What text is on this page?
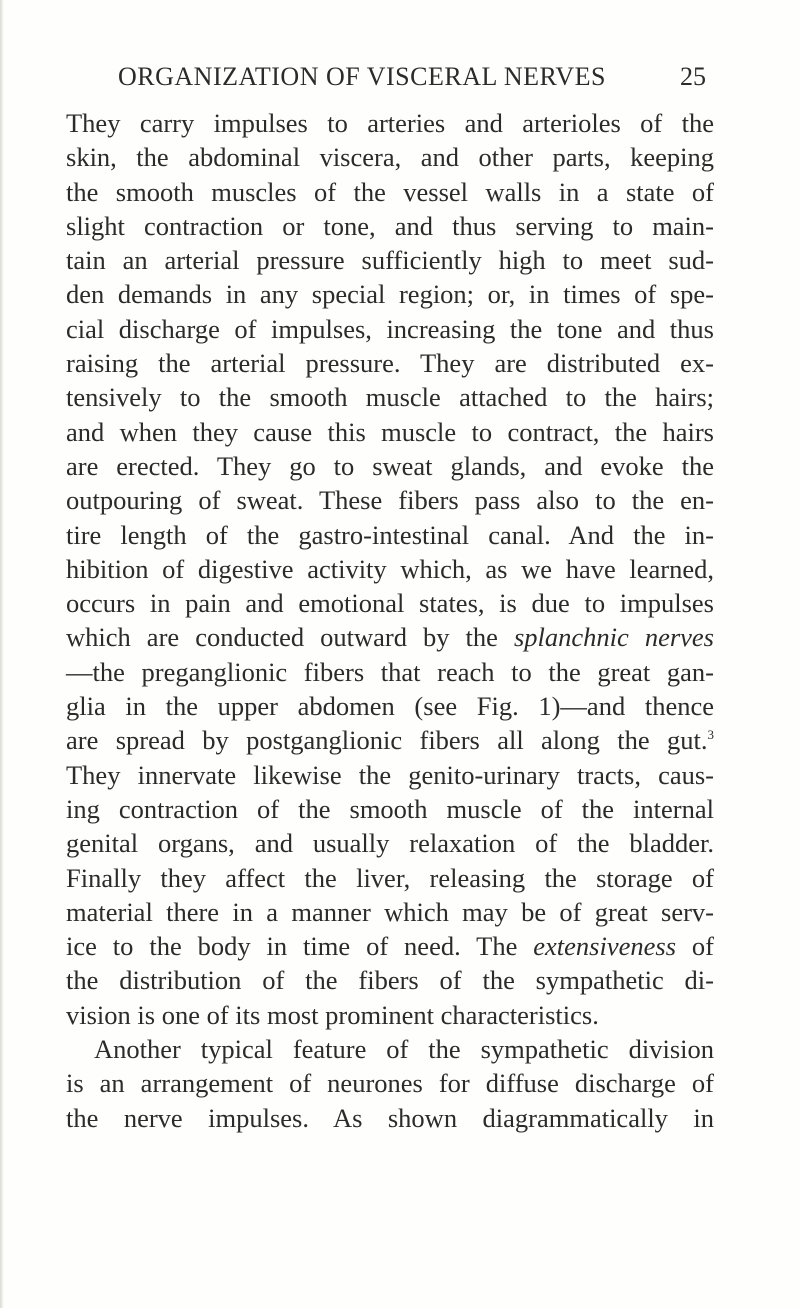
ORGANIZATION OF VISCERAL NERVES	25
They carry impulses to arteries and arterioles of the
skin, the abdominal viscera, and other parts, keeping
the smooth muscles of the vessel walls in a state of
slight contraction or tone, and thus serving to main-
tain an arterial pressure sufficiently high to meet sud-
den demands in any special region; or, in times of spe-
cial discharge of impulses, increasing the tone and thus
raising the arterial pressure. They are distributed ex-
tensively to the smooth muscle attached to the hairs;
and when they cause this muscle to contract, the hairs
are erected. They go to sweat glands, and evoke the
outpouring of sweat. These fibers pass also to the en-
tire length of the gastro-intestinal canal. And the in-
hibition of digestive activity which, as we have learned,
occurs in pain and emotional states, is due to impulses
which are conducted outward by the splanchnic nerves
—the preganglionic fibers that reach to the great gan-
glia in the upper abdomen (see Fig. 1)—and thence
are spread by postganglionic fibers all along the gut.$^3$
They innervate likewise the genito-urinary tracts, caus-
ing contraction of the smooth muscle of the internal
genital organs, and usually relaxation of the bladder.
Finally they affect the liver, releasing the storage of
material there in a manner which may be of great serv-
ice to the body in time of need. The extensiveness of
the distribution of the fibers of the sympathetic di-
vision is one of its most prominent characteristics.
Another typical feature of the sympathetic division
is an arrangement of neurones for diffuse discharge of
the nerve impulses. As shown diagrammatically in
